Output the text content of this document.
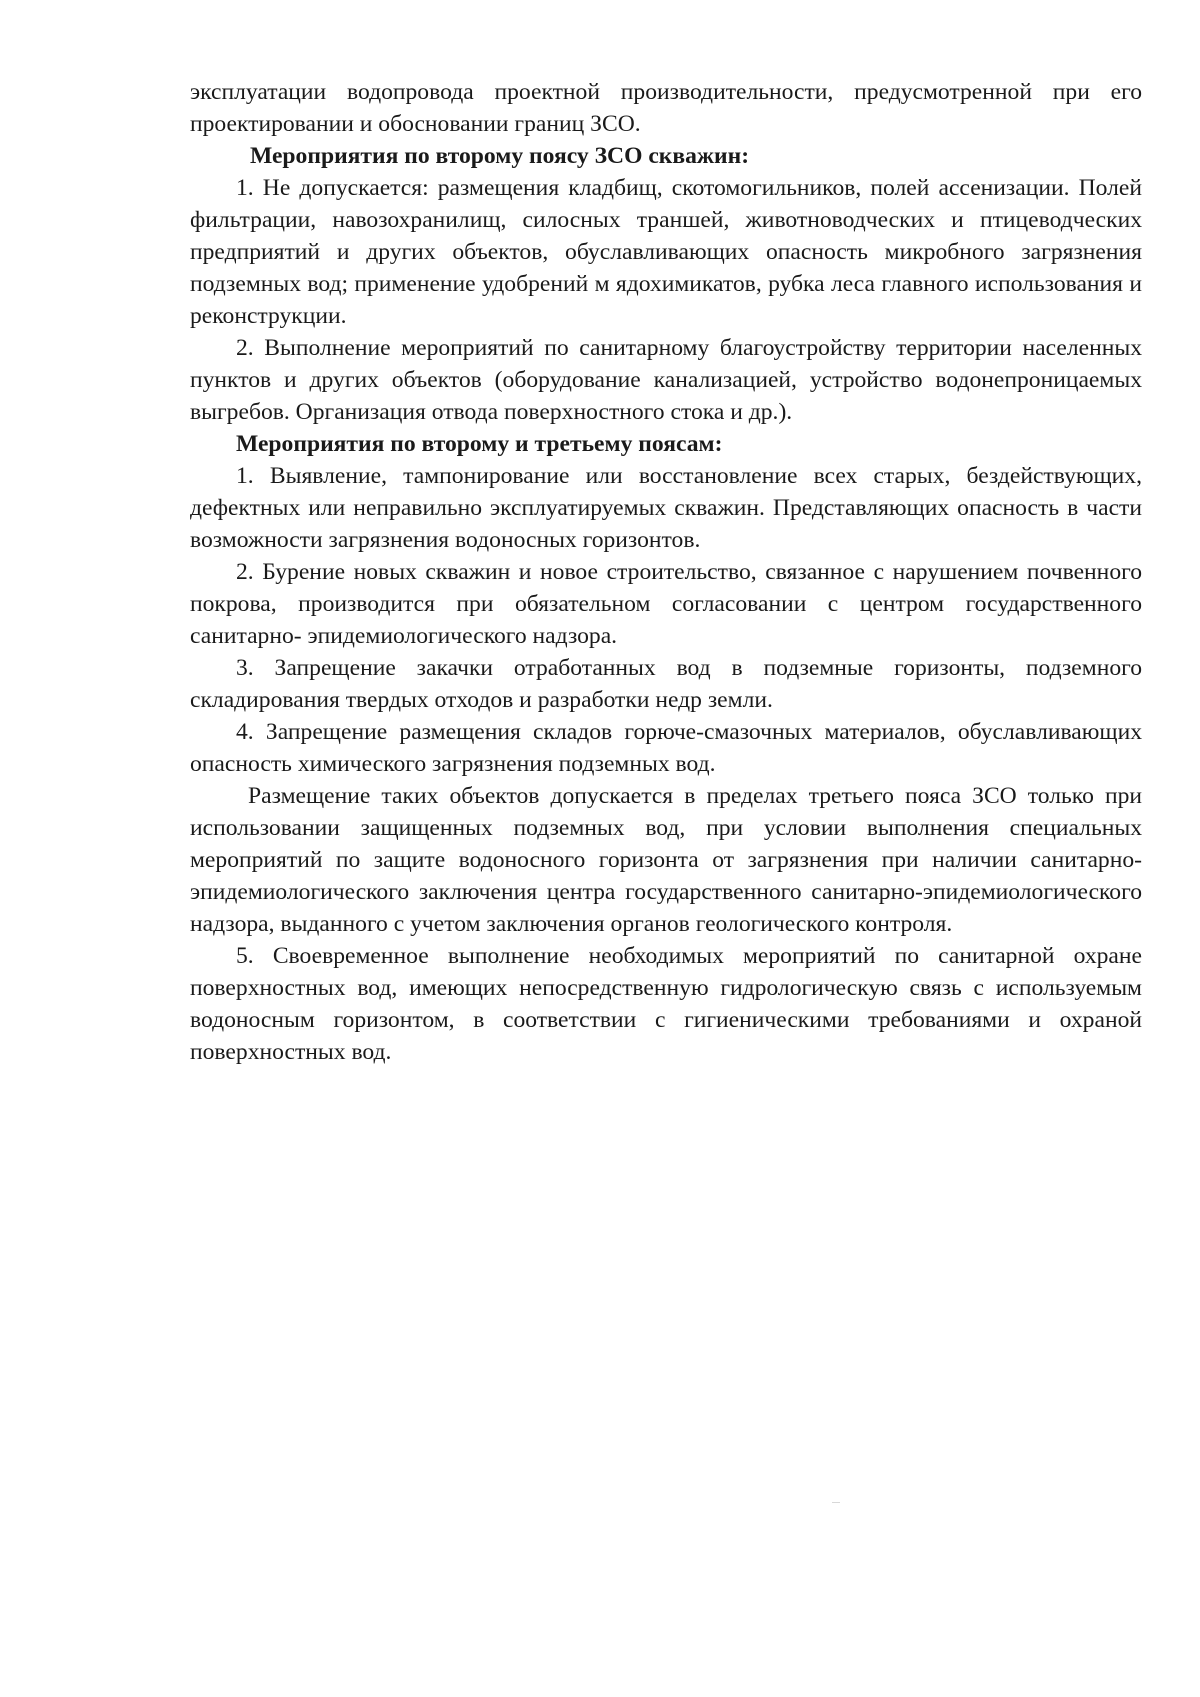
эксплуатации водопровода проектной производительности, предусмотренной при его проектировании и обосновании границ ЗСО.

Мероприятия по второму поясу ЗСО скважин:

1. Не допускается: размещения кладбищ, скотомогильников, полей ассенизации. Полей фильтрации, навозохранилищ, силосных траншей, животноводческих и птицеводческих предприятий и других объектов, обуславливающих опасность микробного загрязнения подземных вод; применение удобрений м ядохимикатов, рубка леса главного использования и реконструкции.

2. Выполнение мероприятий по санитарному благоустройству территории населенных пунктов и других объектов (оборудование канализацией, устройство водонепроницаемых выгребов. Организация отвода поверхностного стока и др.).

Мероприятия по второму и третьему поясам:

1. Выявление, тампонирование или восстановление всех старых, бездействующих, дефектных или неправильно эксплуатируемых скважин. Представляющих опасность в части возможности загрязнения водоносных горизонтов.

2. Бурение новых скважин и новое строительство, связанное с нарушением почвенного покрова, производится при обязательном согласовании с центром государственного санитарно- эпидемиологического надзора.

3. Запрещение закачки отработанных вод в подземные горизонты, подземного складирования твердых отходов и разработки недр земли.

4. Запрещение размещения складов горюче-смазочных материалов, обуславливающих опасность химического загрязнения подземных вод.

Размещение таких объектов допускается в пределах третьего пояса ЗСО только при использовании защищенных подземных вод, при условии выполнения специальных мероприятий по защите водоносного горизонта от загрязнения при наличии санитарно-эпидемиологического заключения центра государственного санитарно-эпидемиологического надзора, выданного с учетом заключения органов геологического контроля.

5. Своевременное выполнение необходимых мероприятий по санитарной охране поверхностных вод, имеющих непосредственную гидрологическую связь с используемым водоносным горизонтом, в соответствии с гигиеническими требованиями и охраной поверхностных вод.
